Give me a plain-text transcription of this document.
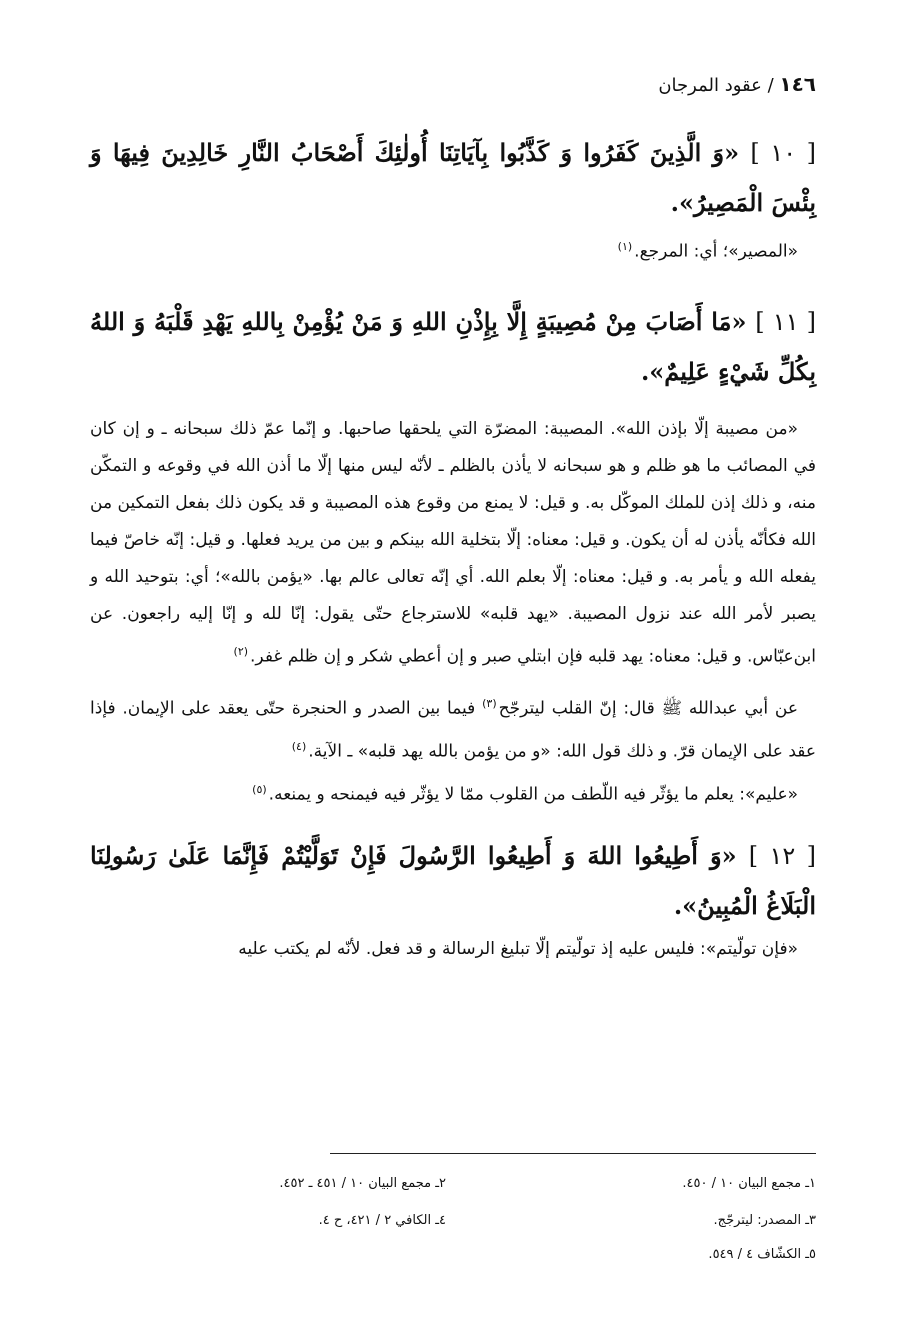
١٤٦ / عقود المرجان

[ ١٠ ] «وَ الَّذِينَ كَفَرُوا وَ كَذَّبُوا بِآيَاتِنَا أُولٰئِكَ أَصْحَابُ النَّارِ خَالِدِينَ فِيهَا وَ بِئْسَ الْمَصِيرُ».

«المصير»؛ أي: المرجع.$^{(١)}$

[ ١١ ] «مَا أَصَابَ مِنْ مُصِيبَةٍ إِلَّا بِإِذْنِ اللهِ وَ مَنْ يُؤْمِنْ بِاللهِ يَهْدِ قَلْبَهُ وَ اللهُ بِكُلِّ شَيْءٍ عَلِيمٌ».

«من مصيبة إلّا بإذن الله». المصيبة: المضرّة التي يلحقها صاحبها. و إنّما عمّ ذلك سبحانه ـ و إن كان في المصائب ما هو ظلم و هو سبحانه لا يأذن بالظلم ـ لأنّه ليس منها إلّا ما أذن الله في وقوعه و التمكّن منه، و ذلك إذن للملك الموكّل به. و قيل: لا يمنع من وقوع هذه المصيبة و قد يكون ذلك بفعل التمكين من الله فكأنّه يأذن له أن يكون. و قيل: معناه: إلّا بتخلية الله بينكم و بين من يريد فعلها. و قيل: إنّه خاصّ فيما يفعله الله و يأمر به. و قيل: معناه: إلّا بعلم الله. أي إنّه تعالى عالم بها. «يؤمن بالله»؛ أي: بتوحيد الله و يصبر لأمر الله عند نزول المصيبة. «يهد قلبه» للاسترجاع حتّى يقول: إنّا لله و إنّا إليه راجعون. عن ابن‌عبّاس. و قيل: معناه: يهد قلبه فإن ابتلي صبر و إن أعطي شكر و إن ظلم غفر.$^{(٢)}$

عن أبي عبدالله ﷺ قال: إنّ القلب ليترجّح$^{(٣)}$ فيما بين الصدر و الحنجرة حتّى يعقد على الإيمان. فإذا عقد على الإيمان قرّ. و ذلك قول الله: «و من يؤمن بالله يهد قلبه» ـ الآية.$^{(٤)}$

«عليم»: يعلم ما يؤثّر فيه اللّطف من القلوب ممّا لا يؤثّر فيه فيمنحه و يمنعه.$^{(٥)}$

[ ١٢ ] «وَ أَطِيعُوا اللهَ وَ أَطِيعُوا الرَّسُولَ فَإِنْ تَوَلَّيْتُمْ فَإِنَّمَا عَلَىٰ رَسُولِنَا الْبَلَاغُ الْمُبِينُ».

«فإن تولّيتم»: فليس عليه إذ تولّيتم إلّا تبليغ الرسالة و قد فعل. لأنّه لم يكتب عليه

١ـ مجمع البيان ١٠ / ٤٥٠.
٢ـ مجمع البيان ١٠ / ٤٥١ ـ ٤٥٢.
٣ـ المصدر: ليترجّج.
٤ـ الكافي ٢ / ٤٢١، ح ٤.
٥ـ الكشّاف ٤ / ٥٤٩.
